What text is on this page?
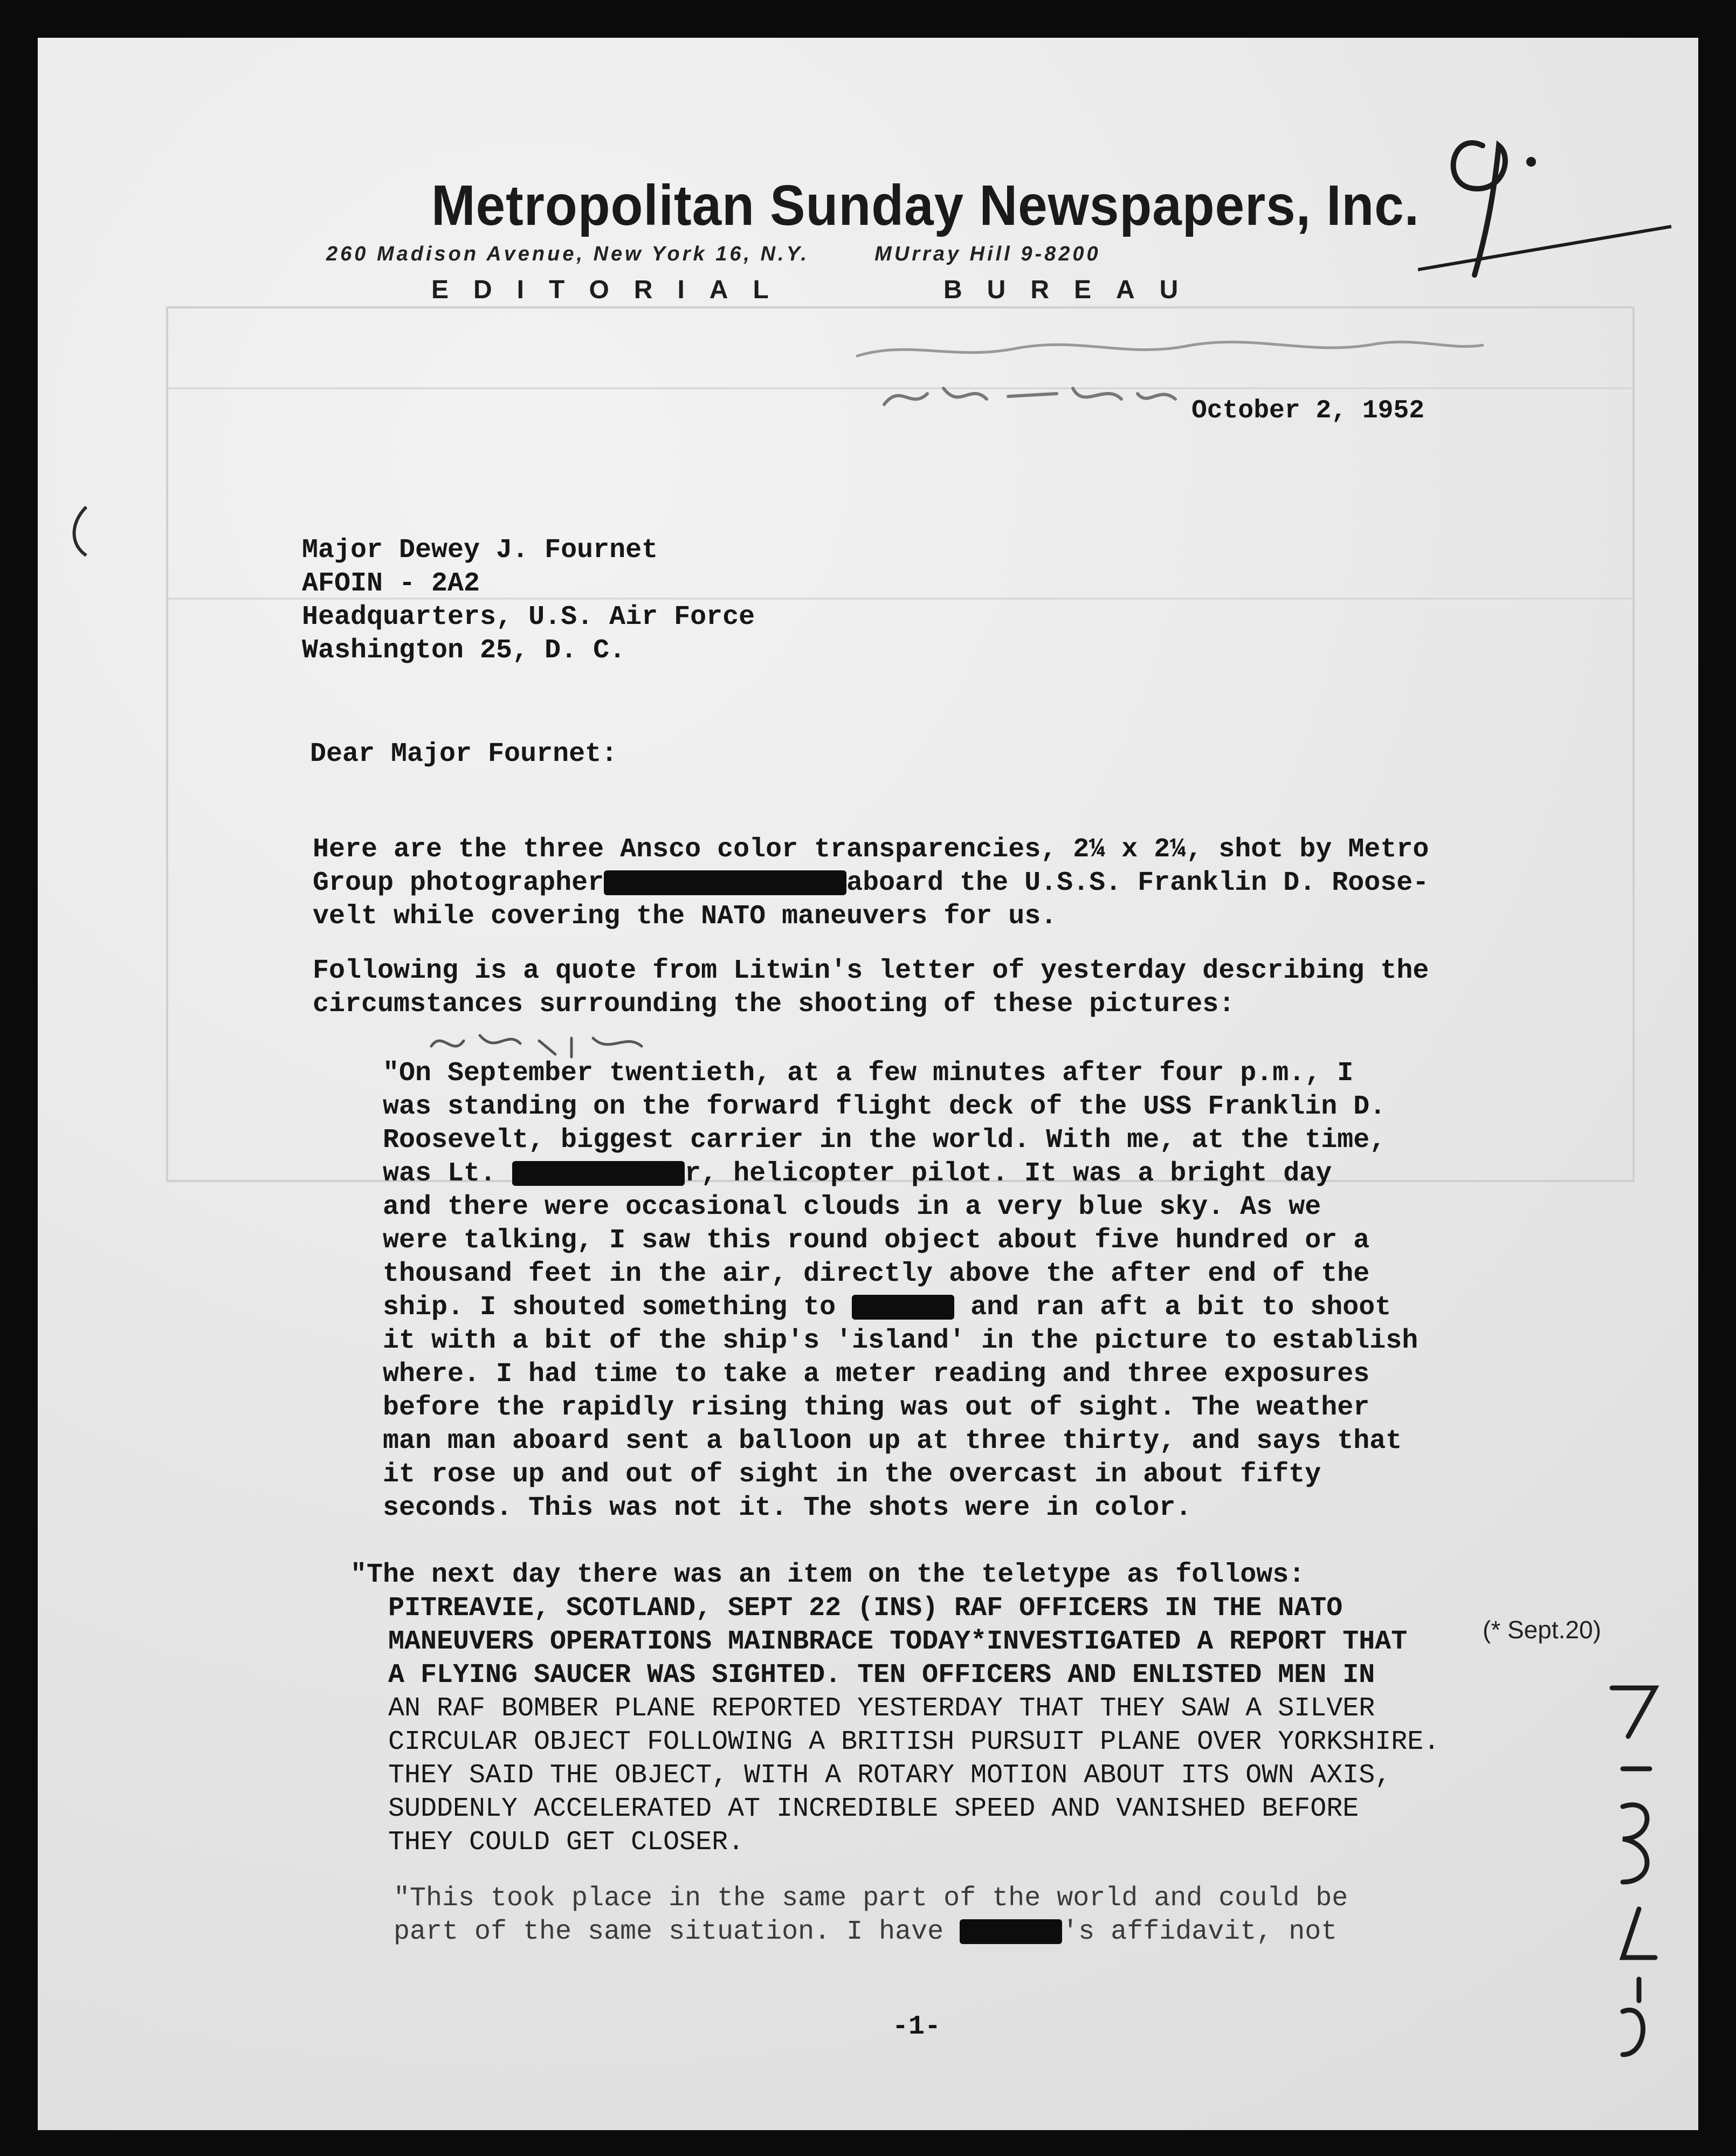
Metropolitan Sunday Newspapers, Inc.
260 Madison Avenue, New York 16, N.Y.	MUrray Hill 9-8200
EDITORIAL	BUREAU
October 2, 1952
Major Dewey J. Fournet
AFOIN - 2A2
Headquarters, U.S. Air Force
Washington 25, D. C.
Dear Major Fournet:
Here are the three Ansco color transparencies, 2¼ x 2¼, shot by Metro
Group photographer	aboard the U.S.S. Franklin D. Roose-
velt while covering the NATO maneuvers for us.
Following is a quote from Litwin's letter of yesterday describing the
circumstances surrounding the shooting of these pictures:
"On September twentieth, at a few minutes after four p.m., I
was standing on the forward flight deck of the USS Franklin D.
Roosevelt, biggest carrier in the world. With me, at the time,
was Lt.	r, helicopter pilot. It was a bright day
and there were occasional clouds in a very blue sky. As we
were talking, I saw this round object about five hundred or a
thousand feet in the air, directly above the after end of the
ship. I shouted something to	and ran aft a bit to shoot
it with a bit of the ship's 'island' in the picture to establish
where. I had time to take a meter reading and three exposures
before the rapidly rising thing was out of sight. The weather
man man aboard sent a balloon up at three thirty, and says that
it rose up and out of sight in the overcast in about fifty
seconds. This was not it. The shots were in color.
"The next day there was an item on the teletype as follows:
PITREAVIE, SCOTLAND, SEPT 22 (INS) RAF OFFICERS IN THE NATO
MANEUVERS OPERATIONS MAINBRACE TODAY*INVESTIGATED A REPORT THAT
A FLYING SAUCER WAS SIGHTED. TEN OFFICERS AND ENLISTED MEN IN
AN RAF BOMBER PLANE REPORTED YESTERDAY THAT THEY SAW A SILVER
CIRCULAR OBJECT FOLLOWING A BRITISH PURSUIT PLANE OVER YORKSHIRE.
THEY SAID THE OBJECT, WITH A ROTARY MOTION ABOUT ITS OWN AXIS,
SUDDENLY ACCELERATED AT INCREDIBLE SPEED AND VANISHED BEFORE
THEY COULD GET CLOSER.
(* Sept.20)
"This took place in the same part of the world and could be
part of the same situation. I have	's affidavit, not
-1-
